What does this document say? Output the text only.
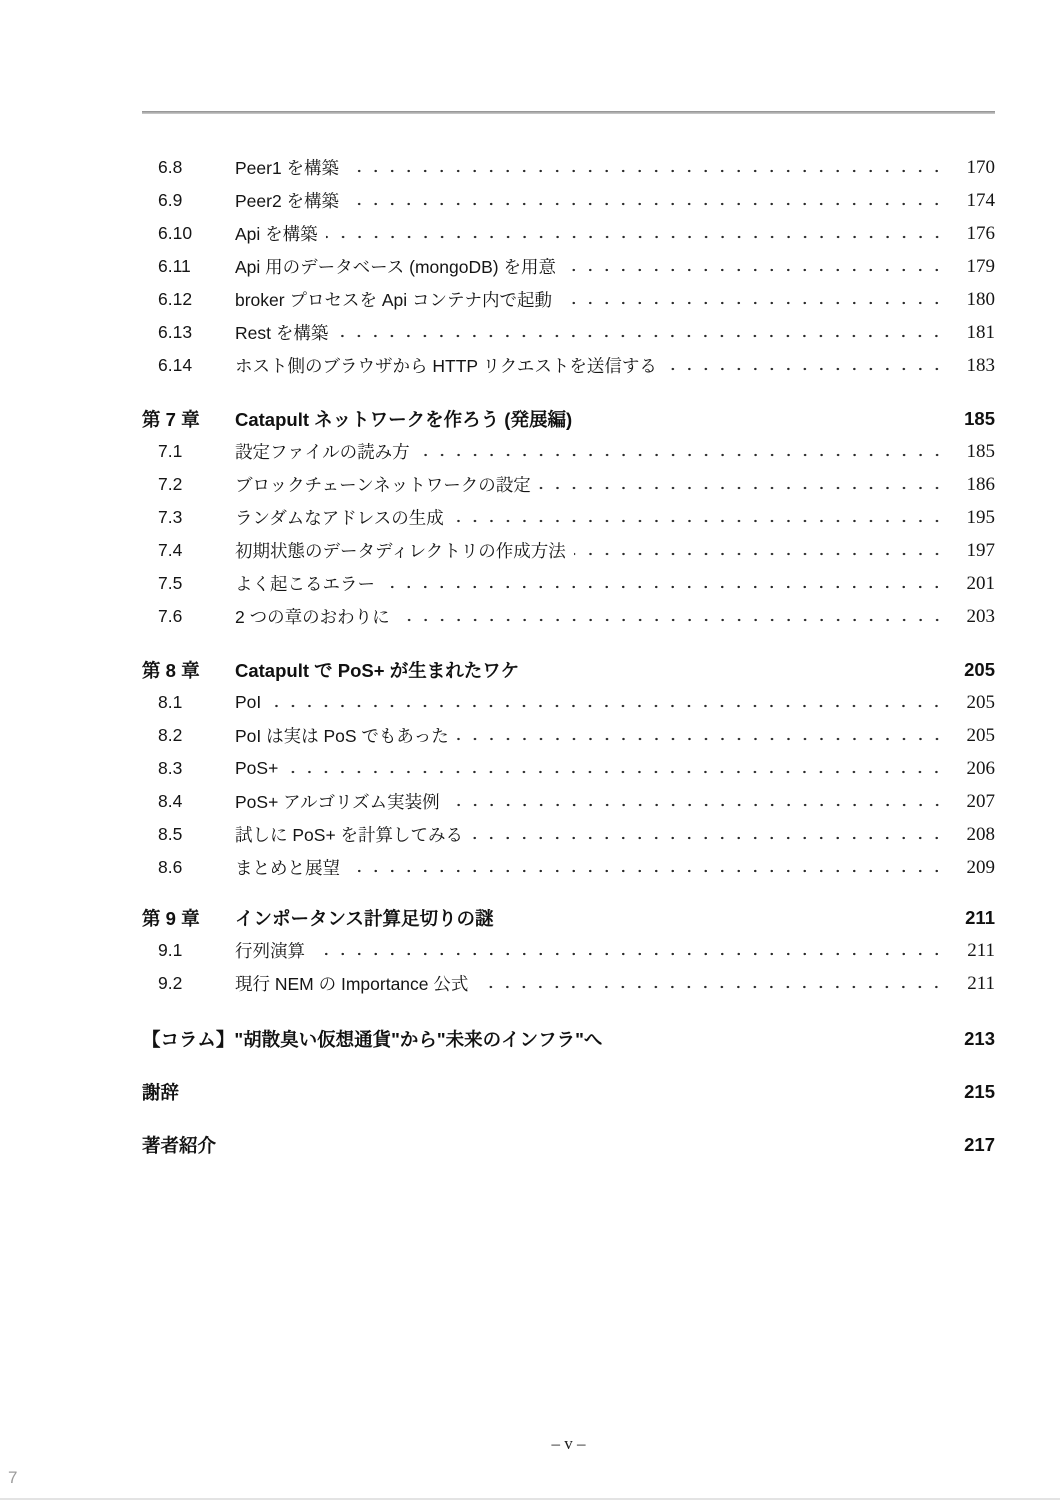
6.8	Peer1 を構築	170
6.9	Peer2 を構築	174
6.10	Api を構築	176
6.11	Api 用のデータベース (mongoDB) を用意	179
6.12	broker プロセスを Api コンテナ内で起動	180
6.13	Rest を構築	181
6.14	ホスト側のブラウザから HTTP リクエストを送信する	183
第 7 章	Catapult ネットワークを作ろう (発展編)	185
7.1	設定ファイルの読み方	185
7.2	ブロックチェーンネットワークの設定	186
7.3	ランダムなアドレスの生成	195
7.4	初期状態のデータディレクトリの作成方法	197
7.5	よく起こるエラー	201
7.6	2 つの章のおわりに	203
第 8 章	Catapult で PoS+ が生まれたワケ	205
8.1	PoI	205
8.2	PoI は実は PoS でもあった	205
8.3	PoS+	206
8.4	PoS+ アルゴリズム実装例	207
8.5	試しに PoS+ を計算してみる	208
8.6	まとめと展望	209
第 9 章	インポータンス計算足切りの謎	211
9.1	行列演算	211
9.2	現行 NEM の Importance 公式	211
【コラム】"胡散臭い仮想通貨"から"未来のインフラ"へ	213
謝辞	215
著者紹介	217
– v –
7
